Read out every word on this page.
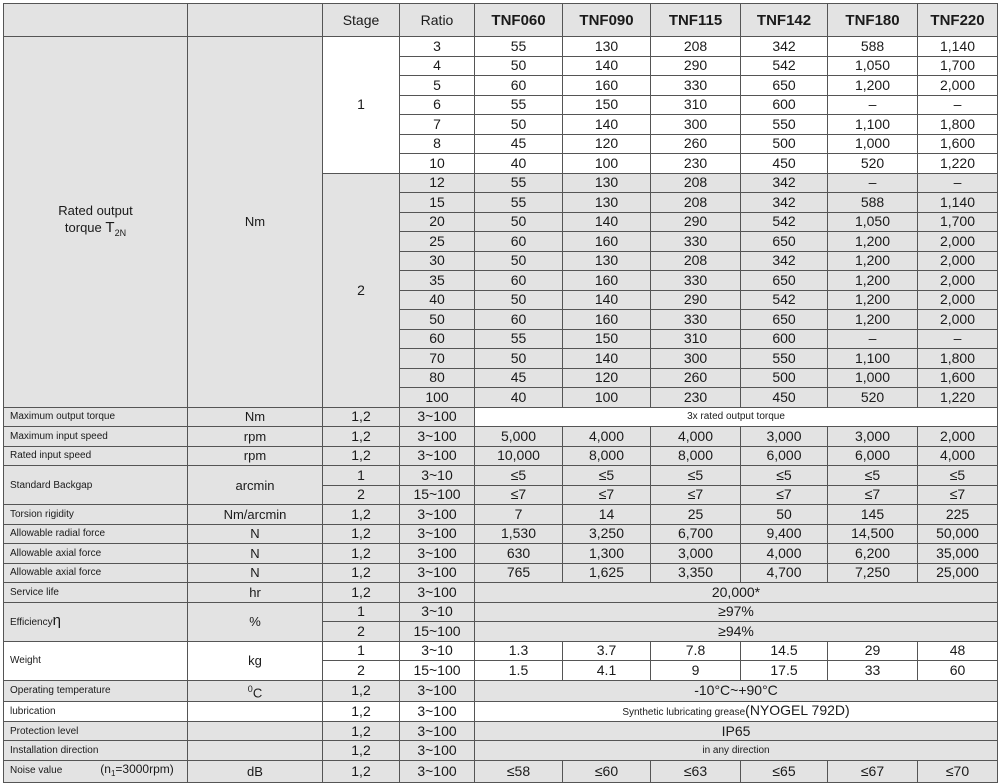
		Stage	Ratio	TNF060	TNF090	TNF115	TNF142	TNF180	TNF220
Rated output
torque $T_{2N}$	Nm	1	3	55	130	208	342	588	1,140
			4	50	140	290	542	1,050	1,700
			5	60	160	330	650	1,200	2,000
			6	55	150	310	600	–	–
			7	50	140	300	550	1,100	1,800
			8	45	120	260	500	1,000	1,600
			10	40	100	230	450	520	1,220
		2	12	55	130	208	342	–	–
			15	55	130	208	342	588	1,140
			20	50	140	290	542	1,050	1,700
			25	60	160	330	650	1,200	2,000
			30	50	130	208	342	1,200	2,000
			35	60	160	330	650	1,200	2,000
			40	50	140	290	542	1,200	2,000
			50	60	160	330	650	1,200	2,000
			60	55	150	310	600	–	–
			70	50	140	300	550	1,100	1,800
			80	45	120	260	500	1,000	1,600
			100	40	100	230	450	520	1,220
Maximum output torque	Nm	1,2	3~100	3x rated output torque					
Maximum input speed	rpm	1,2	3~100	5,000	4,000	4,000	3,000	3,000	2,000
Rated input speed	rpm	1,2	3~100	10,000	8,000	8,000	6,000	6,000	4,000
Standard Backgap	arcmin	1	3~10	≤5	≤5	≤5	≤5	≤5	≤5
		2	15~100	≤7	≤7	≤7	≤7	≤7	≤7
Torsion rigidity	Nm/arcmin	1,2	3~100	7	14	25	50	145	225
Allowable radial force	N	1,2	3~100	1,530	3,250	6,700	9,400	14,500	50,000
Allowable axial force	N	1,2	3~100	630	1,300	3,000	4,000	6,200	35,000
Allowable axial force	N	1,2	3~100	765	1,625	3,350	4,700	7,250	25,000
Service life	hr	1,2	3~100	20,000*					
Efficiencyη	%	1	3~10	≥97%					
		2	15~100	≥94%					
Weight	kg	1	3~10	1.3	3.7	7.8	14.5	29	48
		2	15~100	1.5	4.1	9	17.5	33	60
Operating temperature	$^0$C	1,2	3~100	-10°C~+90°C					
lubrication		1,2	3~100	Synthetic lubricating grease(NYOGEL 792D)					
Protection level		1,2	3~100	IP65					
Installation direction		1,2	3~100	in any direction					
Noise value $(n_1=3000rpm)$	dB	1,2	3~100	≤58	≤60	≤63	≤65	≤67	≤70
